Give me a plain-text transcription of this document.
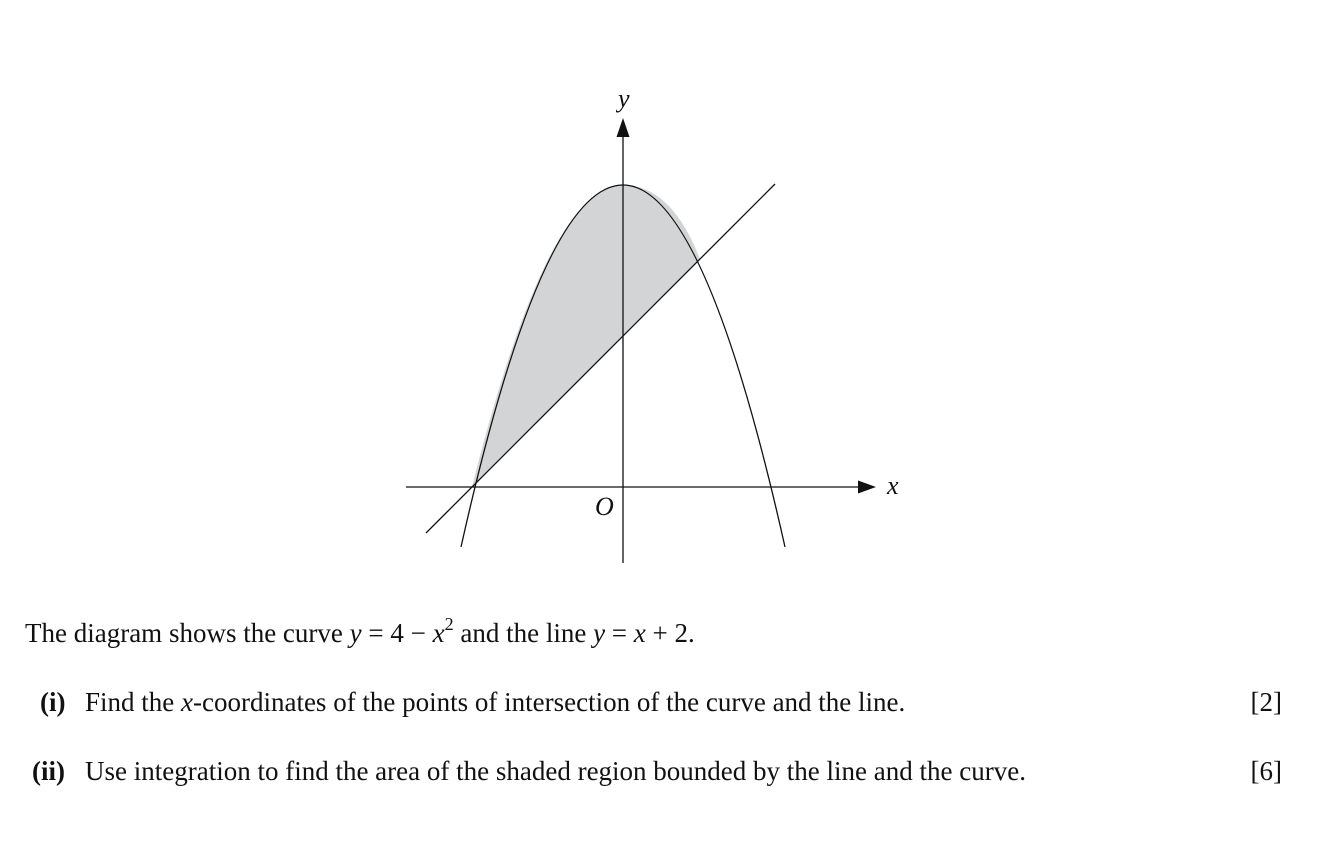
y
x
O
The diagram shows the curve $y = 4 - x^2$ and the line y = x + 2.
(i) Find the x-coordinates of the points of intersection of the curve and the line.	[2]
(ii) Use integration to find the area of the shaded region bounded by the line and the curve.	[6]
